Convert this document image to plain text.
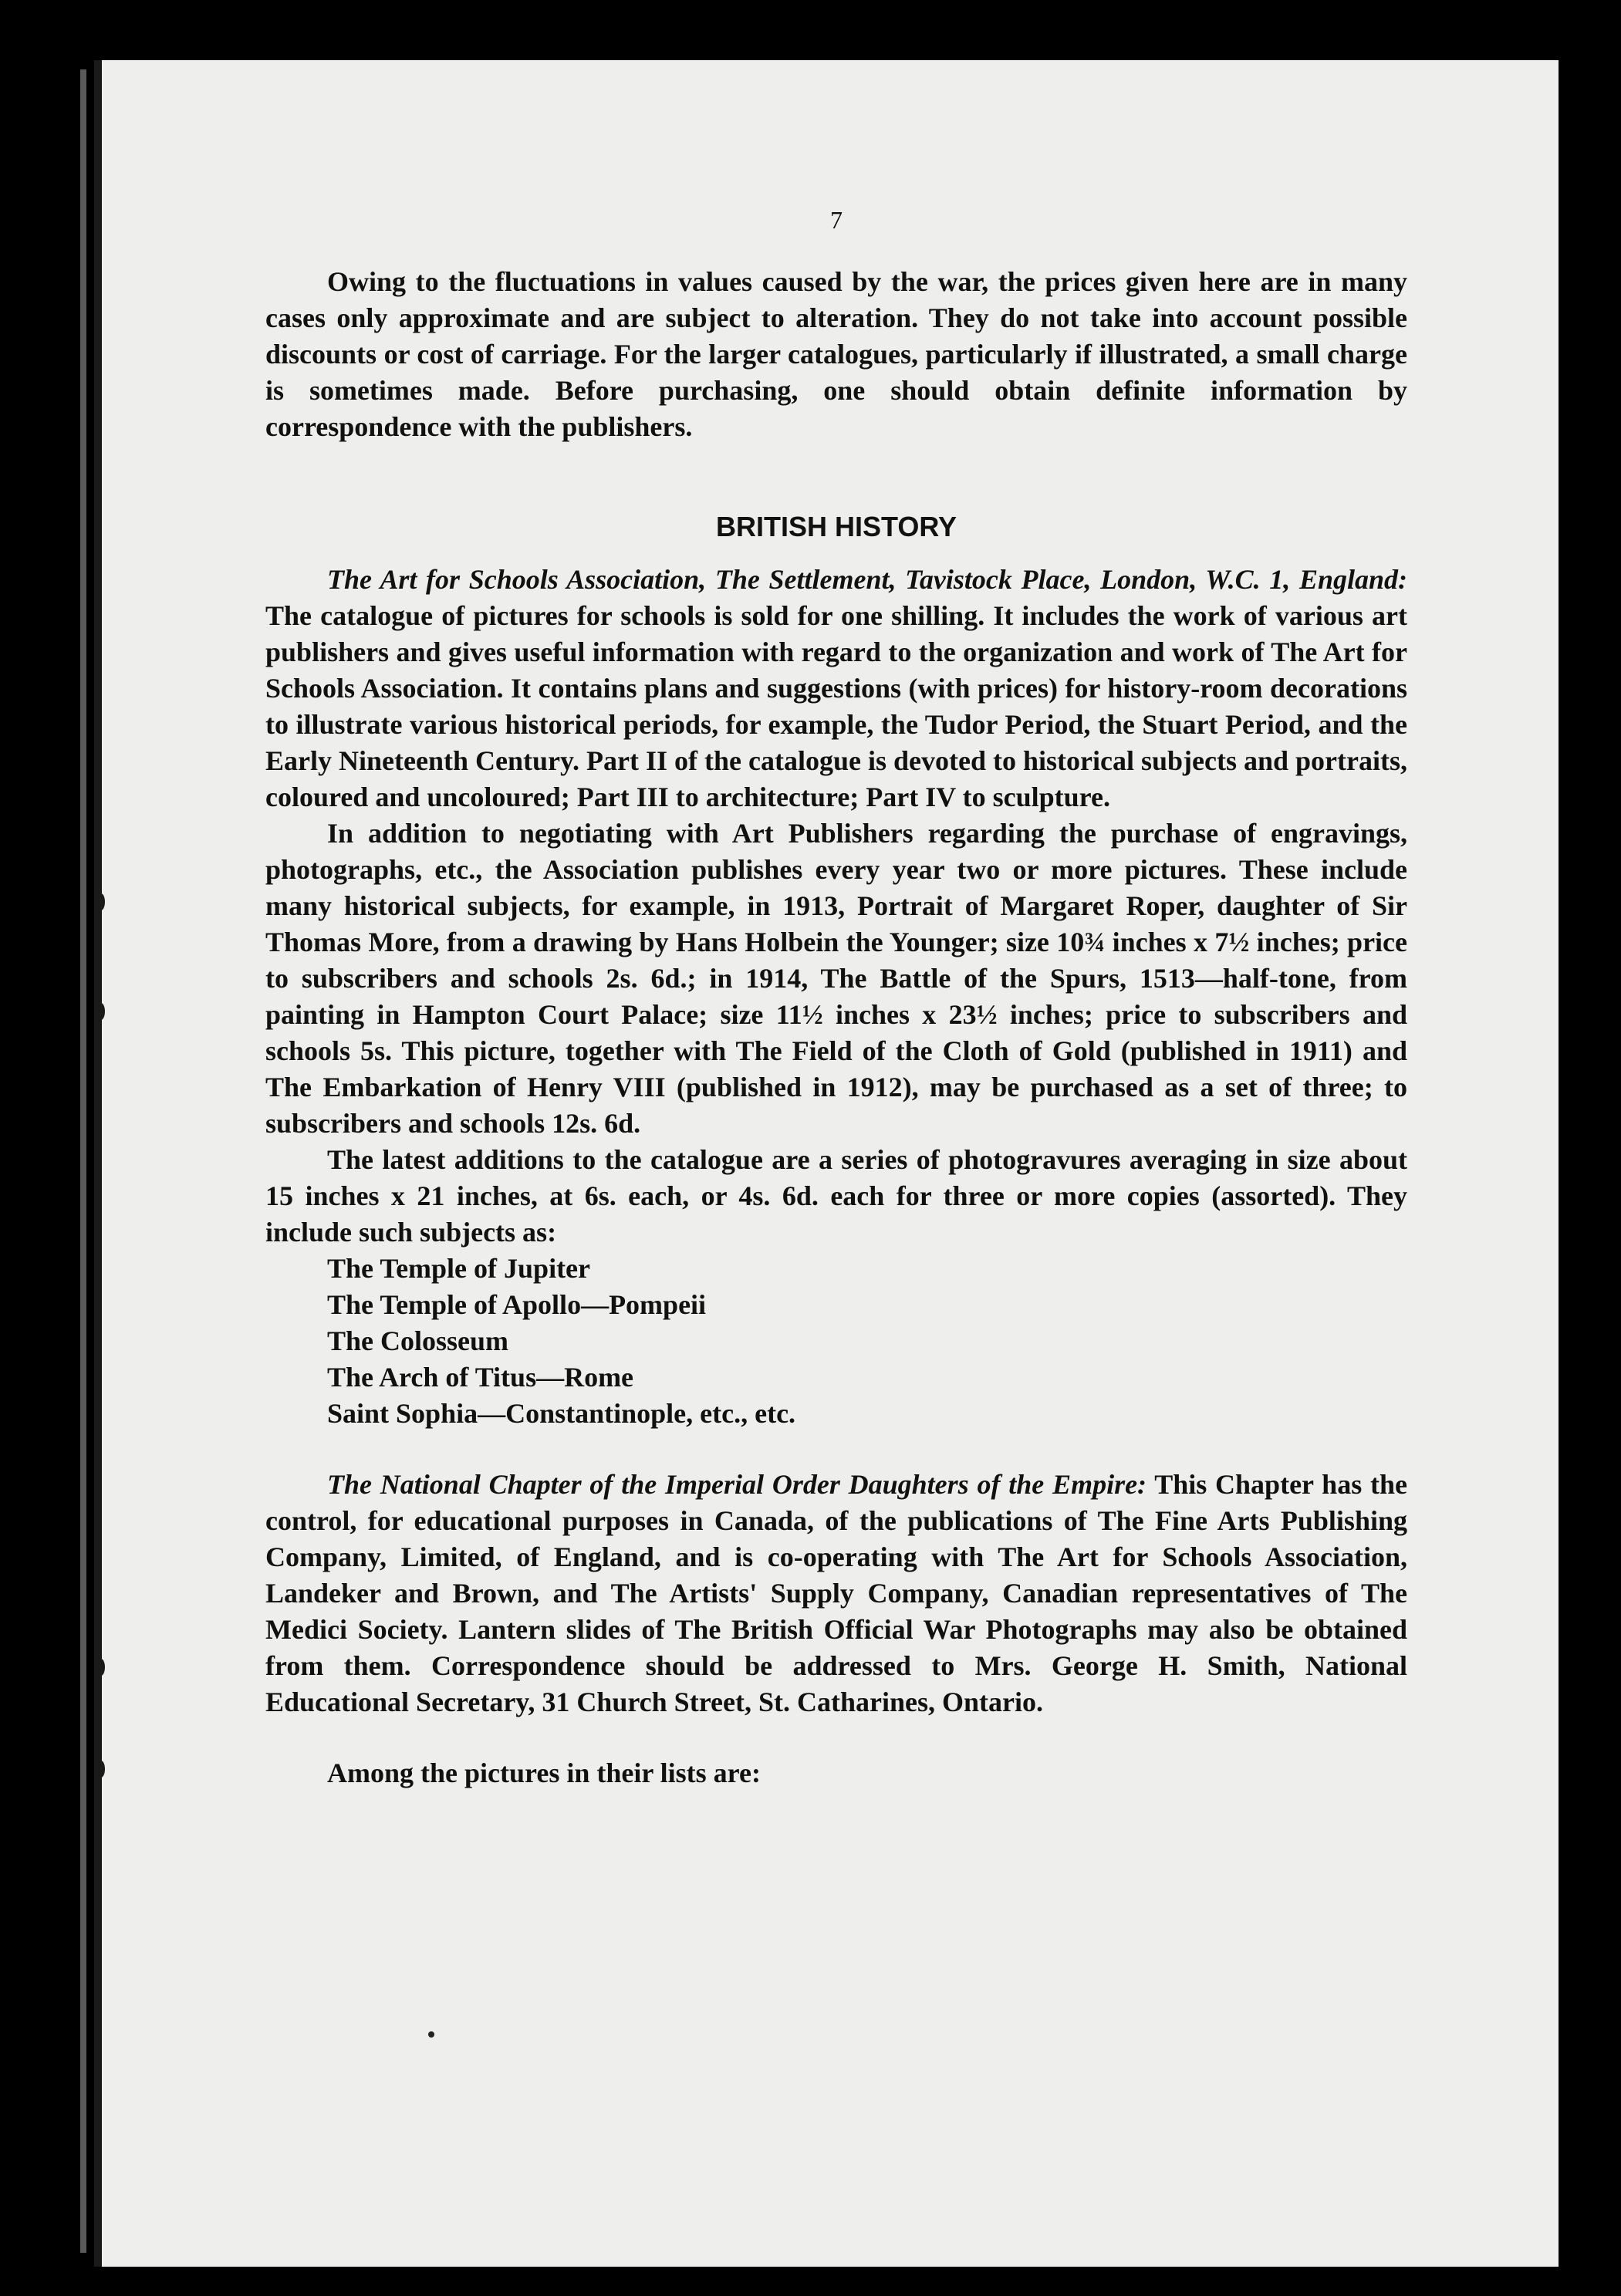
7

Owing to the fluctuations in values caused by the war, the prices given here are in many cases only approximate and are subject to alteration. They do not take into account possible discounts or cost of carriage. For the larger catalogues, particularly if illustrated, a small charge is sometimes made. Before purchasing, one should obtain definite information by correspondence with the publishers.

BRITISH HISTORY

The Art for Schools Association, The Settlement, Tavistock Place, London, W.C. 1, England: The catalogue of pictures for schools is sold for one shilling. It includes the work of various art publishers and gives useful information with regard to the organization and work of The Art for Schools Association. It contains plans and suggestions (with prices) for history-room decorations to illustrate various historical periods, for example, the Tudor Period, the Stuart Period, and the Early Nineteenth Century. Part II of the catalogue is devoted to historical subjects and portraits, coloured and uncoloured; Part III to architecture; Part IV to sculpture.

In addition to negotiating with Art Publishers regarding the purchase of engravings, photographs, etc., the Association publishes every year two or more pictures. These include many historical subjects, for example, in 1913, Portrait of Margaret Roper, daughter of Sir Thomas More, from a drawing by Hans Holbein the Younger; size 10¾ inches x 7½ inches; price to subscribers and schools 2s. 6d.; in 1914, The Battle of the Spurs, 1513—half-tone, from painting in Hampton Court Palace; size 11½ inches x 23½ inches; price to subscribers and schools 5s. This picture, together with The Field of the Cloth of Gold (published in 1911) and The Embarkation of Henry VIII (published in 1912), may be purchased as a set of three; to subscribers and schools 12s. 6d.

The latest additions to the catalogue are a series of photogravures averaging in size about 15 inches x 21 inches, at 6s. each, or 4s. 6d. each for three or more copies (assorted). They include such subjects as:

The Temple of Jupiter
The Temple of Apollo—Pompeii
The Colosseum
The Arch of Titus—Rome
Saint Sophia—Constantinople, etc., etc.

The National Chapter of the Imperial Order Daughters of the Empire: This Chapter has the control, for educational purposes in Canada, of the publications of The Fine Arts Publishing Company, Limited, of England, and is co-operating with The Art for Schools Association, Landeker and Brown, and The Artists' Supply Company, Canadian representatives of The Medici Society. Lantern slides of The British Official War Photographs may also be obtained from them. Correspondence should be addressed to Mrs. George H. Smith, National Educational Secretary, 31 Church Street, St. Catharines, Ontario.

Among the pictures in their lists are:
